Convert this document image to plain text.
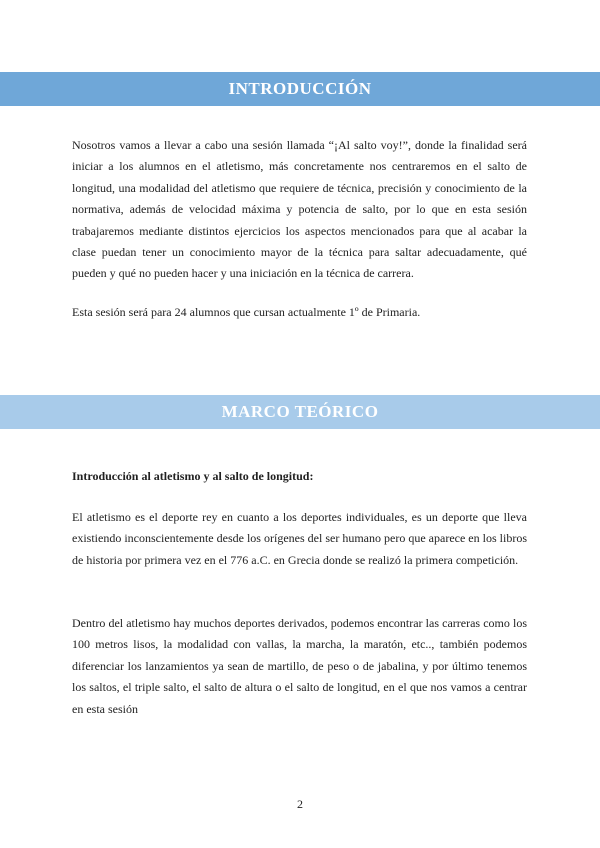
INTRODUCCIÓN

Nosotros vamos a llevar a cabo una sesión llamada “¡Al salto voy!”, donde la finalidad será iniciar a los alumnos en el atletismo, más concretamente nos centraremos en el salto de longitud, una modalidad del atletismo que requiere de técnica, precisión y conocimiento de la normativa, además de velocidad máxima y potencia de salto, por lo que en esta sesión trabajaremos mediante distintos ejercicios los aspectos mencionados para que al acabar la clase puedan tener un conocimiento mayor de la técnica para saltar adecuadamente, qué pueden y qué no pueden hacer y una iniciación en la técnica de carrera.

Esta sesión será para 24 alumnos que cursan actualmente 1º de Primaria.

MARCO TEÓRICO

Introducción al atletismo y al salto de longitud:

El atletismo es el deporte rey en cuanto a los deportes individuales, es un deporte que lleva existiendo inconscientemente desde los orígenes del ser humano pero que aparece en los libros de historia por primera vez en el 776 a.C. en Grecia donde se realizó la primera competición.

Dentro del atletismo hay muchos deportes derivados, podemos encontrar las carreras como los 100 metros lisos, la modalidad con vallas, la marcha, la maratón, etc.., también podemos diferenciar los lanzamientos ya sean de martillo, de peso o de jabalina, y por último tenemos los saltos, el triple salto, el salto de altura o el salto de longitud, en el que nos vamos a centrar en esta sesión

2
